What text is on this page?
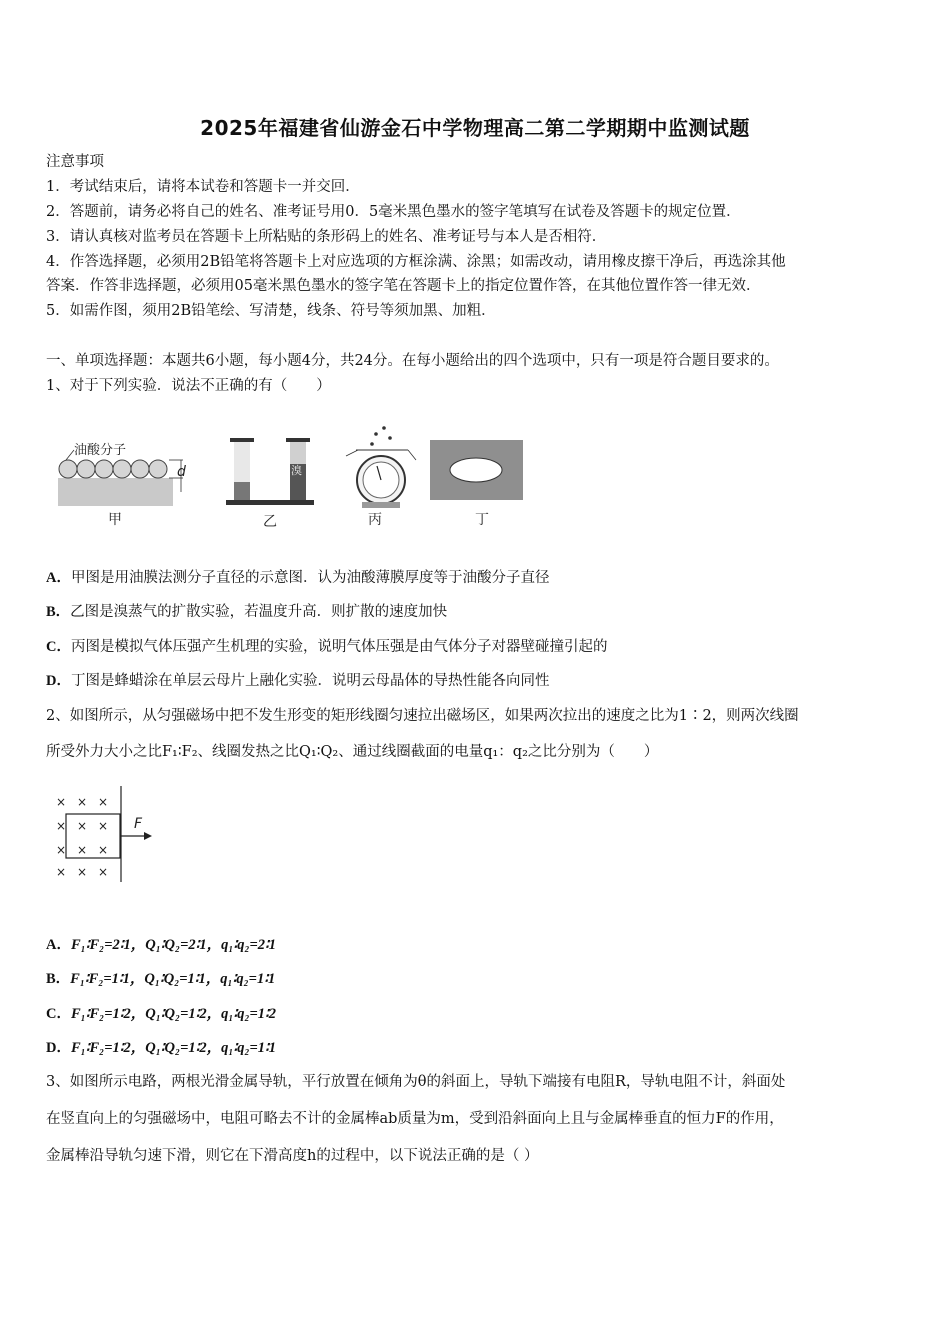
2025年福建省仙游金石中学物理高二第二学期期中监测试题
注意事项
1．考试结束后，请将本试卷和答题卡一并交回．
2．答题前，请务必将自己的姓名、准考证号用0．5毫米黑色墨水的签字笔填写在试卷及答题卡的规定位置．
3．请认真核对监考员在答题卡上所粘贴的条形码上的姓名、准考证号与本人是否相符．
4．作答选择题，必须用2B铅笔将答题卡上对应选项的方框涂满、涂黑；如需改动，请用橡皮擦干净后，再选涂其他
答案．作答非选择题，必须用05毫米黑色墨水的签字笔在答题卡上的指定位置作答，在其他位置作答一律无效．
5．如需作图，须用2B铅笔绘、写清楚，线条、符号等须加黑、加粗．
一、单项选择题：本题共6小题，每小题4分，共24分。在每小题给出的四个选项中，只有一项是符合题目要求的。
1、对于下列实验．说法不正确的有（　　）
油酸分子
d	溴
甲	乙	丙	丁
A．甲图是用油膜法测分子直径的示意图．认为油酸薄膜厚度等于油酸分子直径
B．乙图是溴蒸气的扩散实验，若温度升高．则扩散的速度加快
C．丙图是模拟气体压强产生机理的实验，说明气体压强是由气体分子对器壁碰撞引起的
D．丁图是蜂蜡涂在单层云母片上融化实验．说明云母晶体的导热性能各向同性
2、如图所示，从匀强磁场中把不发生形变的矩形线圈匀速拉出磁场区，如果两次拉出的速度之比为1∶2，则两次线圈
所受外力大小之比F₁∶F₂、线圈发热之比Q₁∶Q₂、通过线圈截面的电量q₁：q₂之比分别为（　　）
× × ×
× × ×
× × ×
× × ×
F
A．F₁∶F₂=2∶1，Q₁∶Q₂=2∶1，q₁∶q₂=2∶1
B．F₁∶F₂=1∶1，Q₁∶Q₂=1∶1，q₁∶q₂=1∶1
C．F₁∶F₂=1∶2，Q₁∶Q₂=1∶2，q₁∶q₂=1∶2
D．F₁∶F₂=1∶2，Q₁∶Q₂=1∶2，q₁∶q₂=1∶1
3、如图所示电路，两根光滑金属导轨，平行放置在倾角为θ的斜面上，导轨下端接有电阻R，导轨电阻不计，斜面处
在竖直向上的匀强磁场中，电阻可略去不计的金属棒ab质量为m，受到沿斜面向上且与金属棒垂直的恒力F的作用，
金属棒沿导轨匀速下滑，则它在下滑高度h的过程中，以下说法正确的是（ ）
